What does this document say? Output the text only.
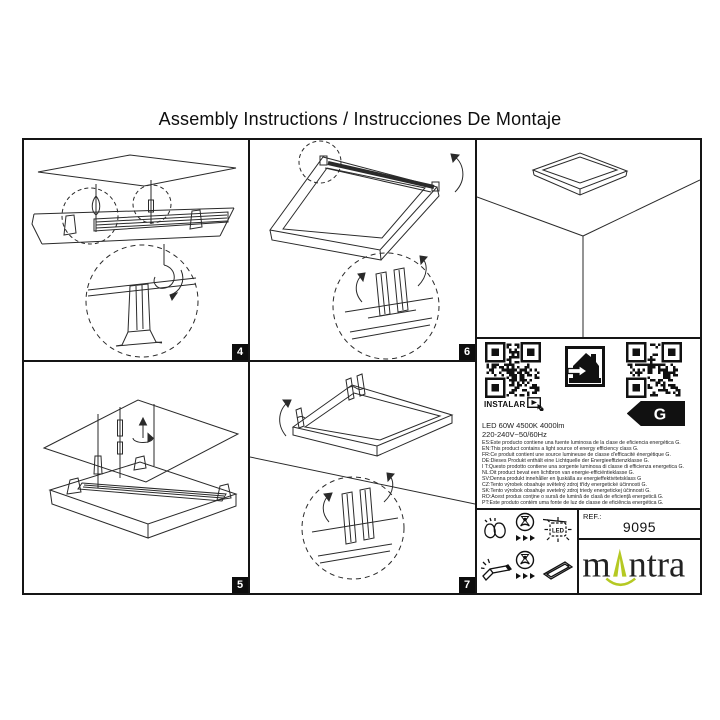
Assembly Instructions / Instrucciones De Montaje
4	6
5	7
INSTALAR
G
LED 60W 4500K 4000lm
220-240V~50/60Hz
ES:Este producto contiene una fuente luminosa de la clase de eficiencia energética G.
EN:This product contains a light source of energy efficiency class G.
FR:Ce produit contient une source lumineuse de classe d'efficacité énergétique G.
DE:Dieses Produkt enthält eine Lichtquelle der Energieeffizienzklasse G.
I T:Questo prodotto contiene una sorgente luminosa di classe di efficienza energetica G.
NL:Dit product bevat een lichtbron van energie-efficiëntieklasse G.
SV:Denna produkt innehåller en ljuskälla av energieffektivitetsklass G
CZ:Tento výrobek obsahuje světelný zdroj třídy energetické účinnosti G.
SK:Tento výrobok obsahuje svetelný zdroj triedy energetickej účinnosti G.
RO:Acest produs conţine o sursă de lumină de clasă de eficienţă energetică G.
PT:Este produto contém uma fonte de luz de classe de eficiência energética G.
LED
REF.:
9095
m ntra
